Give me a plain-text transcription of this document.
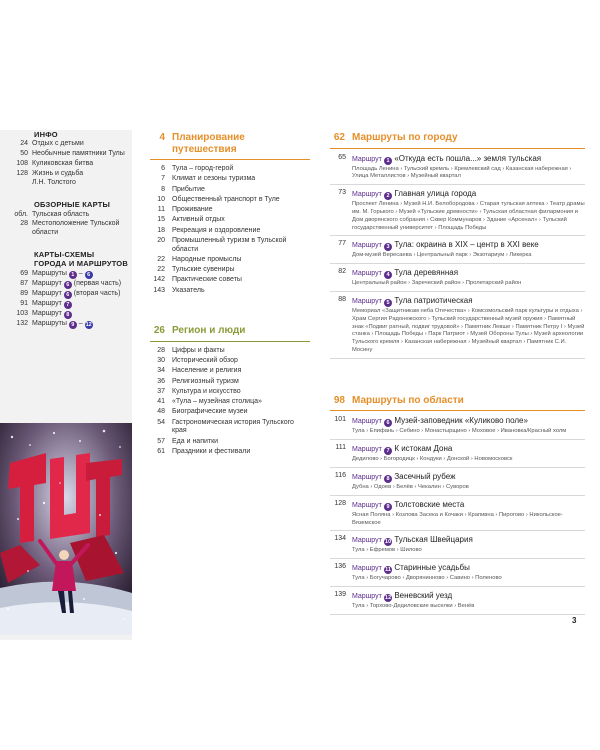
ИНФО
24 Отдых с детьми
50 Необычные памятники Тулы
108 Куликовская битва
128 Жизнь и судьба
Л.Н. Толстого
ОБЗОРНЫЕ КАРТЫ
обл. Тульская область
28 Местоположение Тульской области
КАРТЫ-СХЕМЫ
ГОРОДА И МАРШРУТОВ
69 Маршруты 1 – 6
87 Маршрут 6 (первая часть)
89 Маршрут 6 (вторая часть)
91 Маршрут 7
103 Маршрут 8
132 Маршруты 9 – 12
4 Планирование путешествия
6	Тула – город-герой
7	Климат и сезоны туризма
8	Прибытие
10	Общественный транспорт в Туле
11	Проживание
15	Активный отдых
18	Рекреация и оздоровление
20	Промышленный туризм в Тульской области
22	Народные промыслы
22	Тульские сувениры
142	Практические советы
143	Указатель
26 Регион и люди
28	Цифры и факты
30	Исторический обзор
34	Население и религия
36	Религиозный туризм
37	Культура и искусство
41	«Тула – музейная столица»
48	Биографические музеи
54	Гастрономическая история Тульского края
57	Еда и напитки
61	Праздники и фестивали
62 Маршруты по городу
65 Маршрут 1 «Откуда есть пошла...» земля тульская
Площадь Ленина › Тульский кремль › Кремлевский сад › Казанская набережная › Улица Металлистов › Музейный квартал
73 Маршрут 2 Главная улица города
Проспект Ленина › Музей Н.И. Белобородова › Старая тульская аптека › Театр драмы им. М. Горького › Музей «Тульские древности» › Тульская областная филармония и Дом дворянского собрания › Сквер Коммунаров › Здание «Арсенал» › Тульский государственный университет › Площадь Победы
77 Маршрут 3 Тула: окраина в XIX – центр в XXI веке
Дом-музей Вересаева › Центральный парк › Экзотариум › Ликерка
82 Маршрут 4 Тула деревянная
Центральный район › Зареческий район › Пролетарский район
88 Маршрут 5 Тула патриотическая
Мемориал «Защитникам неба Отечества» › Комсомольский парк культуры и отдыха › Храм Сергия Радонежского › Тульский государственный музей оружия › Памятный знак «Подвиг ратный, подвиг трудовой» › Памятник Левше › Памятник Петру I › Музей станка › Площадь Победы › Парк Патриот › Музей Обороны Тулы › Музей археологии Тульского кремля › Казанская набережная › Музейный квартал › Памятник С.И. Мосину
98 Маршруты по области
101 Маршрут 6 Музей-заповедник «Куликово поле»
Тула › Епифань › Себино › Монастырщино › Моховое › Ивановка/Красный холм
111 Маршрут 7 К истокам Дона
Дедилово › Богородицк › Кондуки › Донской › Новомосковск
116 Маршрут 8 Засечный рубеж
Дубна › Одоев › Белёв › Чекалин › Суворов
128 Маршрут 9 Толстовские места
Ясная Поляна › Козлова Засека и Кочаки › Крапивна › Пирогово › Никольское-Вяземское
134 Маршрут 10 Тульская Швейцария
Тула › Ефремов › Шилово
136 Маршрут 11 Старинные усадьбы
Тула › Богучарово › Дворянинново › Савино › Поленово
139 Маршрут 12 Веневский уезд
Тула › Торхово-Дедиловские выселки › Венёв
3
